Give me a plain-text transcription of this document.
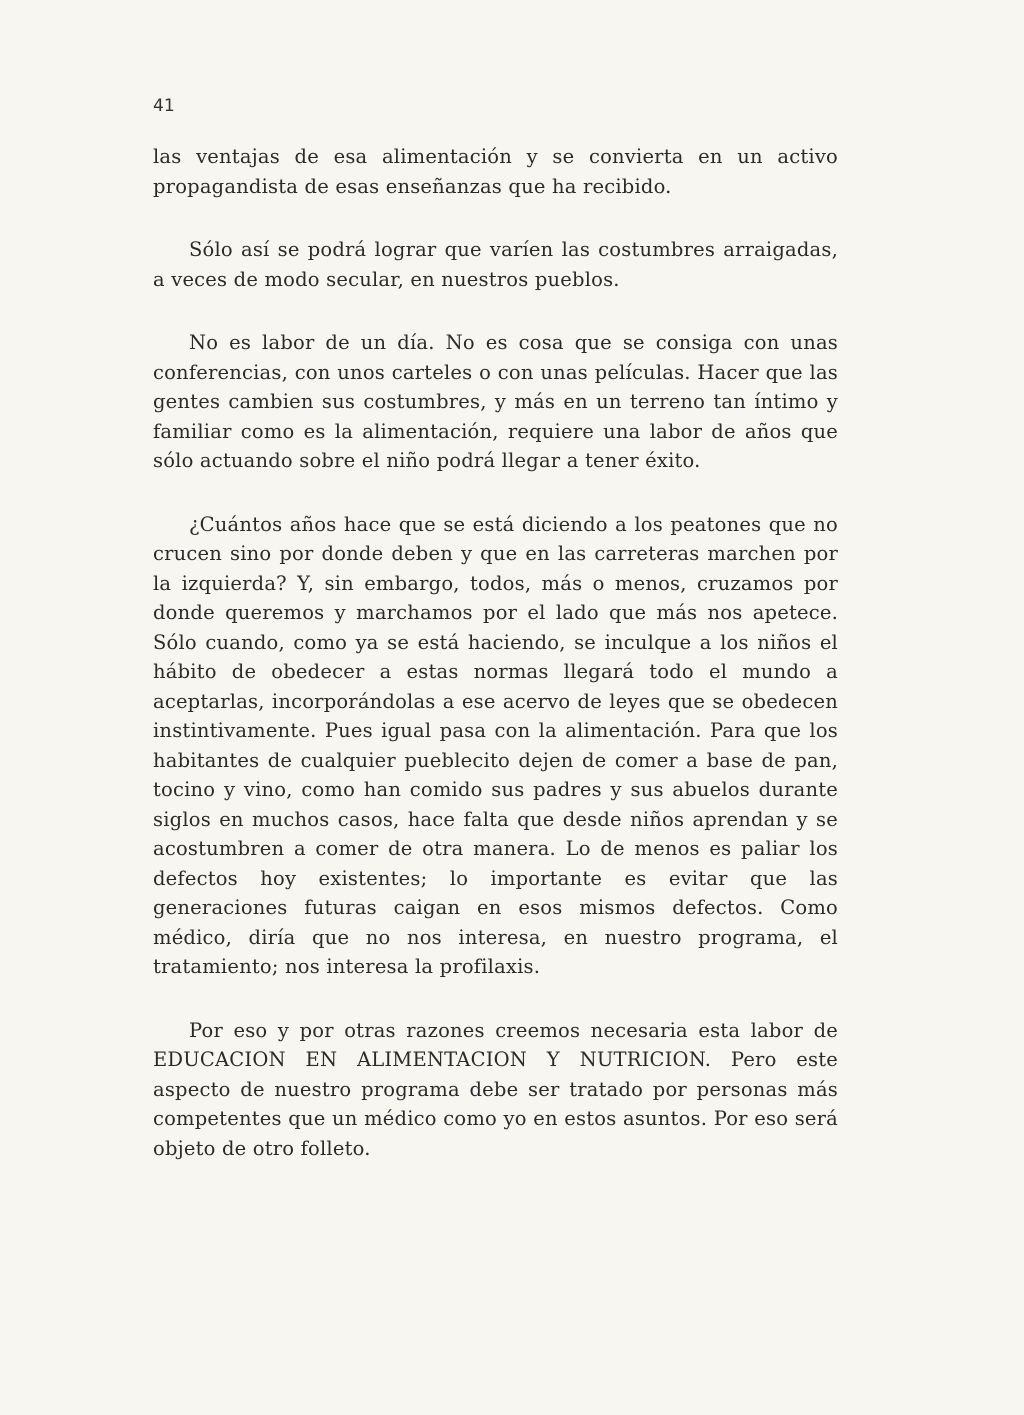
41

las ventajas de esa alimentación y se convierta en un activo propagandista de esas enseñanzas que ha recibido.

Sólo así se podrá lograr que varíen las costumbres arraigadas, a veces de modo secular, en nuestros pueblos.

No es labor de un día. No es cosa que se consiga con unas conferencias, con unos carteles o con unas películas. Hacer que las gentes cambien sus costumbres, y más en un terreno tan íntimo y familiar como es la alimentación, requiere una labor de años que sólo actuando sobre el niño podrá llegar a tener éxito.

¿Cuántos años hace que se está diciendo a los peatones que no crucen sino por donde deben y que en las carreteras marchen por la izquierda? Y, sin embargo, todos, más o menos, cruzamos por donde queremos y marchamos por el lado que más nos apetece. Sólo cuando, como ya se está haciendo, se inculque a los niños el hábito de obedecer a estas normas llegará todo el mundo a aceptarlas, incorporándolas a ese acervo de leyes que se obedecen instintivamente. Pues igual pasa con la alimentación. Para que los habitantes de cualquier pueblecito dejen de comer a base de pan, tocino y vino, como han comido sus padres y sus abuelos durante siglos en muchos casos, hace falta que desde niños aprendan y se acostumbren a comer de otra manera. Lo de menos es paliar los defectos hoy existentes; lo importante es evitar que las generaciones futuras caigan en esos mismos defectos. Como médico, diría que no nos interesa, en nuestro programa, el tratamiento; nos interesa la profilaxis.

Por eso y por otras razones creemos necesaria esta labor de EDUCACION EN ALIMENTACION Y NUTRICION. Pero este aspecto de nuestro programa debe ser tratado por personas más competentes que un médico como yo en estos asuntos. Por eso será objeto de otro folleto.
